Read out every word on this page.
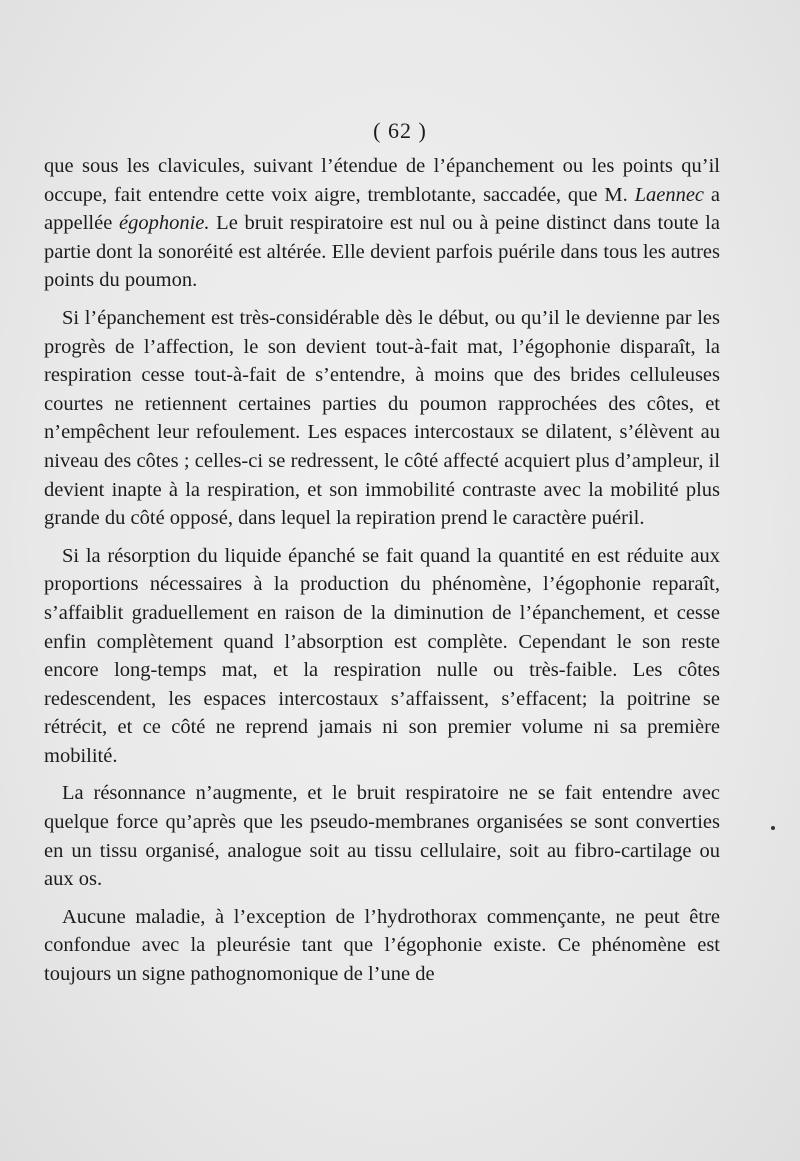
( 62 )

que sous les clavicules, suivant l’étendue de l’épanchement ou les points qu’il occupe, fait entendre cette voix aigre, tremblotante, saccadée, que M. Laennec a appellée égophonie. Le bruit respiratoire est nul ou à peine distinct dans toute la partie dont la sonoréité est altérée. Elle devient parfois puérile dans tous les autres points du poumon.

Si l’épanchement est très-considérable dès le début, ou qu’il le devienne par les progrès de l’affection, le son devient tout-à-fait mat, l’égophonie disparaît, la respiration cesse tout-à-fait de s’entendre, à moins que des brides celluleuses courtes ne retiennent certaines parties du poumon rapprochées des côtes, et n’empêchent leur refoulement. Les espaces intercostaux se dilatent, s’élèvent au niveau des côtes ; celles-ci se redressent, le côté affecté acquiert plus d’ampleur, il devient inapte à la respiration, et son immobilité contraste avec la mobilité plus grande du côté opposé, dans lequel la repiration prend le caractère puéril.

Si la résorption du liquide épanché se fait quand la quantité en est réduite aux proportions nécessaires à la production du phénomène, l’égophonie reparaît, s’affaiblit graduellement en raison de la diminution de l’épanchement, et cesse enfin complètement quand l’absorption est complète. Cependant le son reste encore long-temps mat, et la respiration nulle ou très-faible. Les côtes redescendent, les espaces intercostaux s’affaissent, s’effacent; la poitrine se rétrécit, et ce côté ne reprend jamais ni son premier volume ni sa première mobilité.

La résonnance n’augmente, et le bruit respiratoire ne se fait entendre avec quelque force qu’après que les pseudo-membranes organisées se sont converties en un tissu organisé, analogue soit au tissu cellulaire, soit au fibro-cartilage ou aux os.

Aucune maladie, à l’exception de l’hydrothorax commençante, ne peut être confondue avec la pleurésie tant que l’égophonie existe. Ce phénomène est toujours un signe pathognomonique de l’une de
